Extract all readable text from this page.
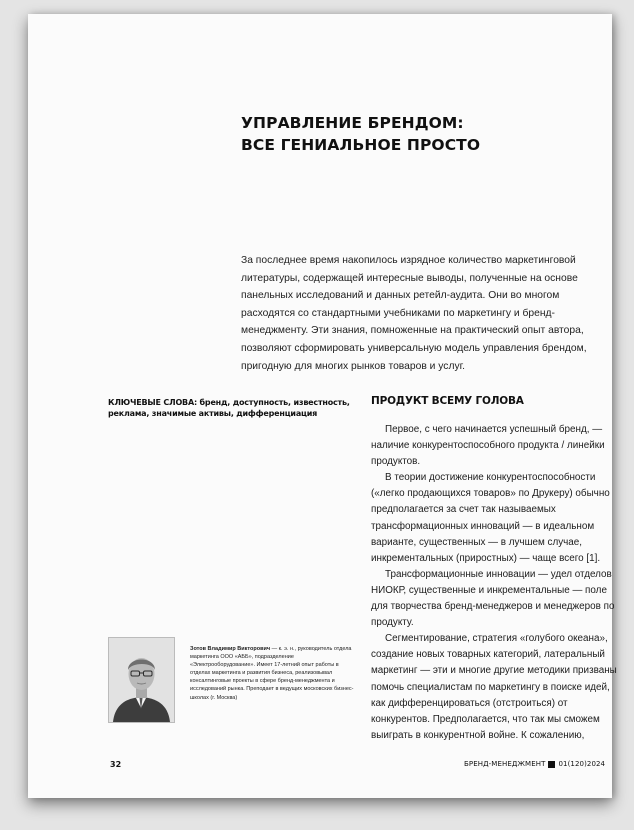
УПРАВЛЕНИЕ БРЕНДОМ:
ВСЕ ГЕНИАЛЬНОЕ ПРОСТО

За последнее время накопилось изрядное количество маркетинговой литературы, содержащей интересные выводы, полученные на основе панельных исследований и данных ретейл-аудита. Они во многом расходятся со стандартными учебниками по маркетингу и бренд-менеджменту. Эти знания, помноженные на практический опыт автора, позволяют сформировать универсальную модель управления брендом, пригодную для многих рынков товаров и услуг.

КЛЮЧЕВЫЕ СЛОВА: бренд, доступность, известность, реклама, значимые активы, дифференциация

Зотов Владимир Викторович — к. э. н., руководитель отдела маркетинга ООО «АББ», подразделение «Электрооборудование». Имеет 17-летний опыт работы в отделах маркетинга и развития бизнеса, реализовывал консалтинговые проекты в сфере бренд-менеджмента и исследований рынка. Преподает в ведущих московских бизнес-школах (г. Москва)

ПРОДУКТ ВСЕМУ ГОЛОВА

Первое, с чего начинается успешный бренд, — наличие конкурентоспособного продукта / линейки продуктов.

В теории достижение конкурентоспособности («легко продающихся товаров» по Друкеру) обычно предполагается за счет так называемых трансформационных инноваций — в идеальном варианте, существенных — в лучшем случае, инкрементальных (приростных) — чаще всего [1].

Трансформационные инновации — удел отделов НИОКР, существенные и инкрементальные — поле для творчества бренд-менеджеров и менеджеров по продукту.

Сегментирование, стратегия «голубого океана», создание новых товарных категорий, латеральный маркетинг — эти и многие другие методики призваны помочь специалистам по маркетингу в поиске идей, как дифференцироваться (отстроиться) от конкурентов. Предполагается, что так мы сможем выиграть в конкурентной войне. К сожалению,

32	БРЕНД-МЕНЕДЖМЕНТ 01(120)2024
